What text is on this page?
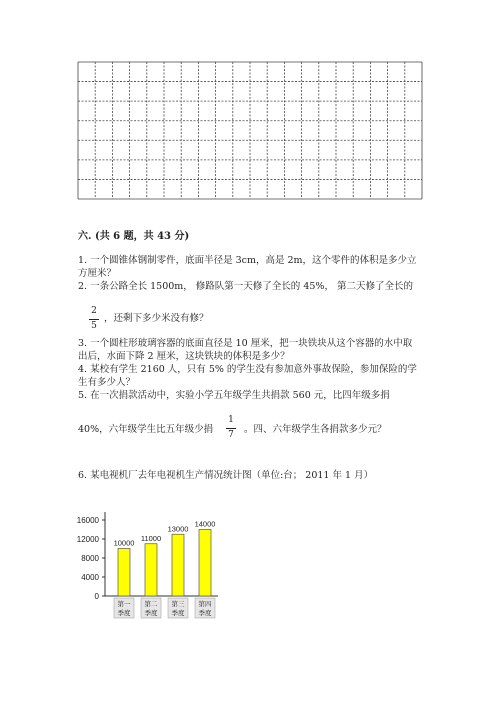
六. (共 6 题，共 43 分)
1. 一个圆锥体钢制零件，底面半径是 3cm，高是 2m，这个零件的体积是多少立
方厘米？
2. 一条公路全长 1500m， 修路队第一天修了全长的 45%， 第二天修了全长的
2
5
，还剩下多少米没有修？
3. 一个圆柱形玻璃容器的底面直径是 10 厘米，把一块铁块从这个容器的水中取
出后，水面下降 2 厘米，这块铁块的体积是多少？
4. 某校有学生 2160 人，只有 5% 的学生没有参加意外事故保险，参加保险的学
生有多少人？
5. 在一次捐款活动中，实验小学五年级学生共捐款 560 元，比四年级多捐
40%，六年级学生比五年级少捐
1
7 。四、六年级学生各捐款多少元？
6. 某电视机厂去年电视机生产情况统计图（单位:台； 2011 年 1 月）
0
4000
8000
12000
16000
10000
第一
季度
11000
第二
季度
13000
第三
季度
14000
第四
季度
